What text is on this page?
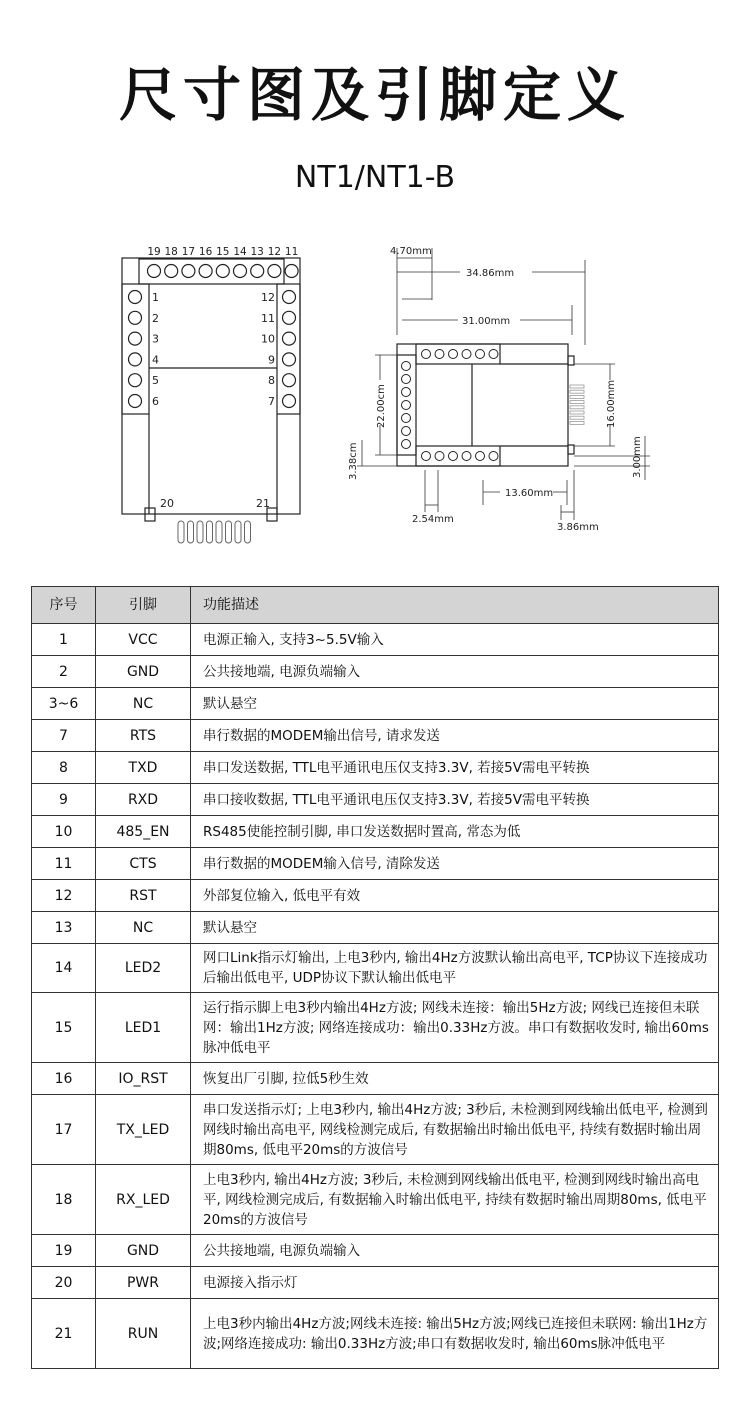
尺寸图及引脚定义
NT1/NT1-B
19 18 17 16 15 14 13 12 11
1
2
3
4
5
6
12
11
10
9
8
7
20	21
4.70mm
34.86mm
31.00mm
22.00cm
3.38cm
16.00mm
3.00mm
13.60mm
2.54mm
3.86mm
序号	引脚	功能描述
1	VCC	电源正输入, 支持3~5.5V输入
2	GND	公共接地端, 电源负端输入
3~6	NC	默认悬空
7	RTS	串行数据的MODEM输出信号, 请求发送
8	TXD	串口发送数据, TTL电平通讯电压仅支持3.3V, 若接5V需电平转换
9	RXD	串口接收数据, TTL电平通讯电压仅支持3.3V, 若接5V需电平转换
10	485_EN	RS485使能控制引脚, 串口发送数据时置高, 常态为低
11	CTS	串行数据的MODEM输入信号, 清除发送
12	RST	外部复位输入, 低电平有效
13	NC	默认悬空
14	LED2	网口Link指示灯输出, 上电3秒内, 输出4Hz方波默认输出高电平, TCP协议下连接成功后输出低电平, UDP协议下默认输出低电平
15	LED1	运行指示脚上电3秒内输出4Hz方波; 网线未连接：输出5Hz方波; 网线已连接但未联网：输出1Hz方波; 网络连接成功：输出0.33Hz方波。串口有数据收发时, 输出60ms脉冲低电平
16	IO_RST	恢复出厂引脚, 拉低5秒生效
17	TX_LED	串口发送指示灯; 上电3秒内, 输出4Hz方波; 3秒后, 未检测到网线输出低电平, 检测到网线时输出高电平, 网线检测完成后, 有数据输出时输出低电平, 持续有数据时输出周期80ms, 低电平20ms的方波信号
18	RX_LED	上电3秒内, 输出4Hz方波; 3秒后, 未检测到网线输出低电平, 检测到网线时输出高电平, 网线检测完成后, 有数据输入时输出低电平, 持续有数据时输出周期80ms, 低电平20ms的方波信号
19	GND	公共接地端, 电源负端输入
20	PWR	电源接入指示灯
21	RUN	上电3秒内输出4Hz方波;网线未连接: 输出5Hz方波;网线已连接但未联网: 输出1Hz方波;网络连接成功: 输出0.33Hz方波;串口有数据收发时, 输出60ms脉冲低电平
